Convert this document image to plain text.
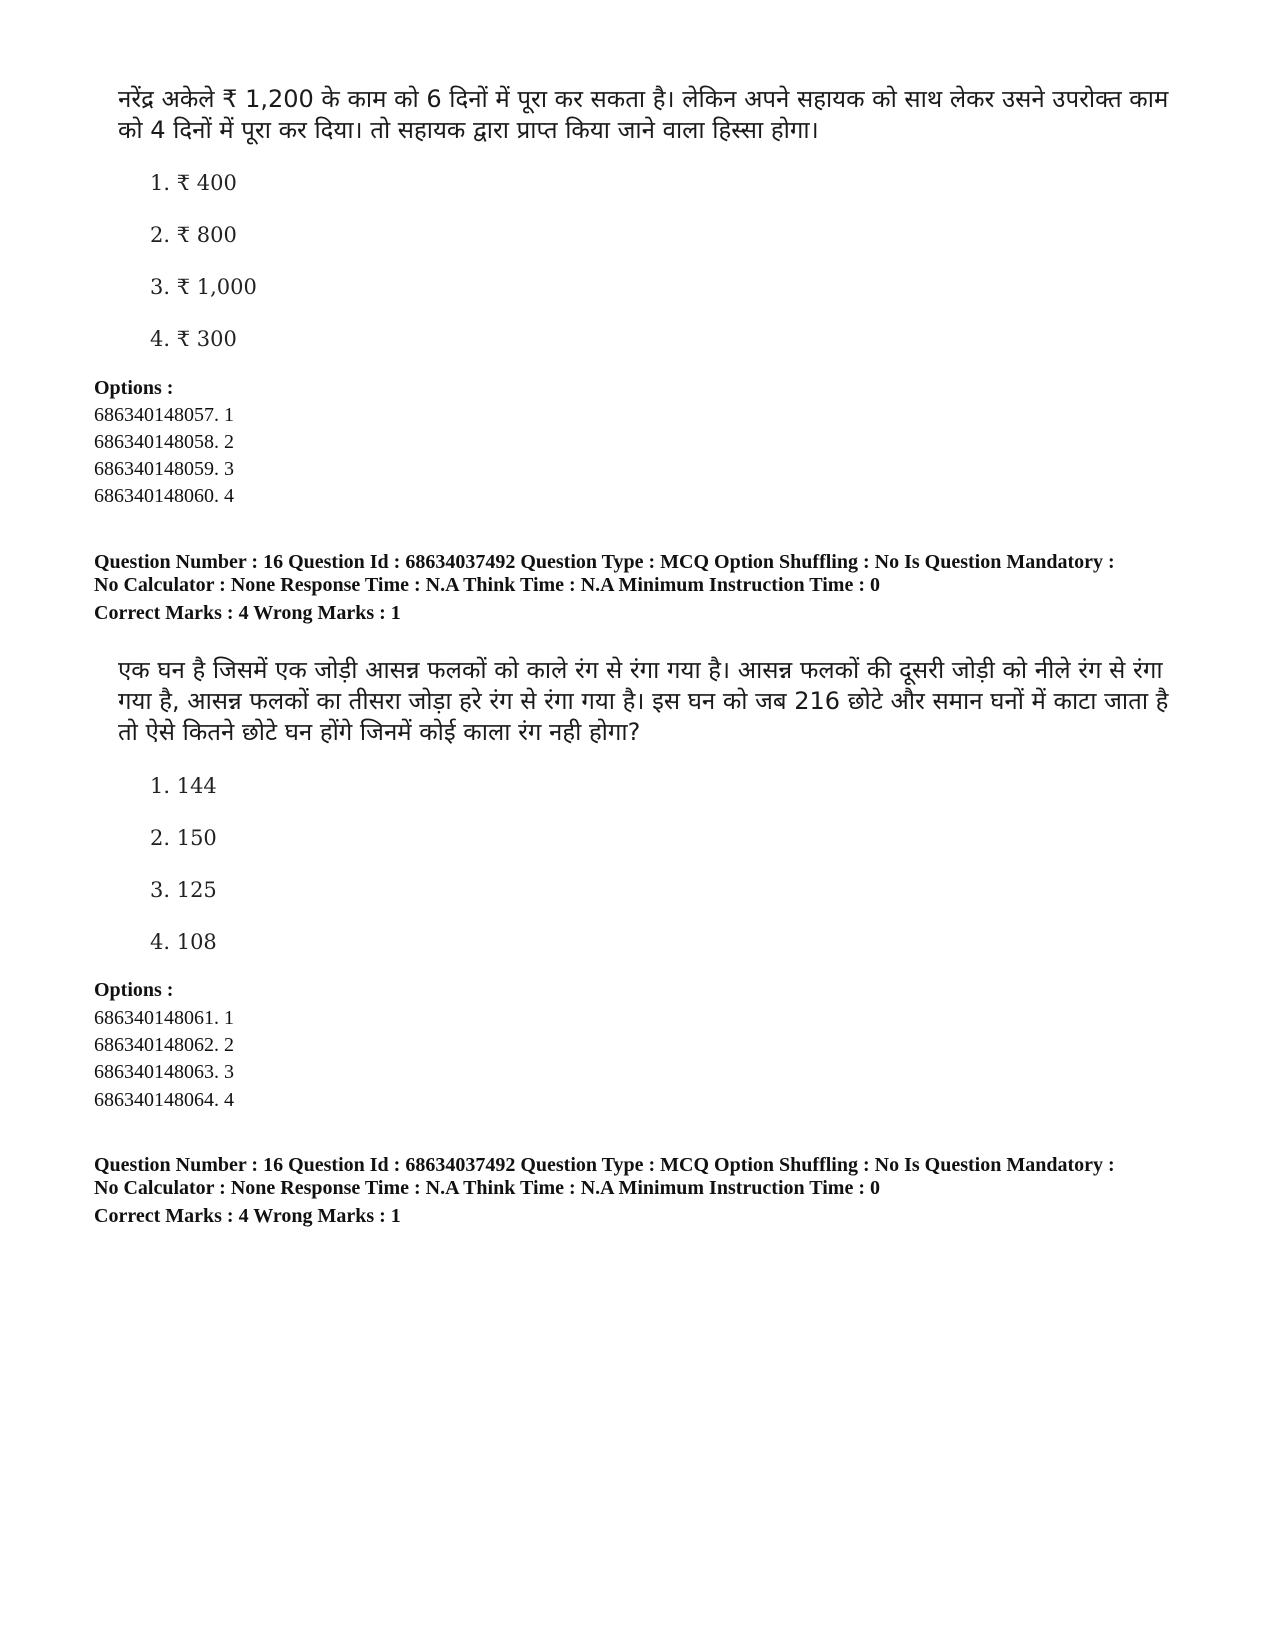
नरेंद्र अकेले ₹ 1,200 के काम को 6 दिनों में पूरा कर सकता है। लेकिन अपने सहायक को साथ लेकर उसने उपरोक्त काम को 4 दिनों में पूरा कर दिया। तो सहायक द्वारा प्राप्त किया जाने वाला हिस्सा होगा।

1. ₹ 400
2. ₹ 800
3. ₹ 1,000
4. ₹ 300
Options :
686340148057. 1
686340148058. 2
686340148059. 3
686340148060. 4
Question Number : 16 Question Id : 68634037492 Question Type : MCQ Option Shuffling : No Is Question Mandatory :
No Calculator : None Response Time : N.A Think Time : N.A Minimum Instruction Time : 0
Correct Marks : 4 Wrong Marks : 1

एक घन है जिसमें एक जोड़ी आसन्न फलकों को काले रंग से रंगा गया है। आसन्न फलकों की दूसरी जोड़ी को नीले रंग से रंगा गया है, आसन्न फलकों का तीसरा जोड़ा हरे रंग से रंगा गया है। इस घन को जब 216 छोटे और समान घनों में काटा जाता है तो ऐसे कितने छोटे घन होंगे जिनमें कोई काला रंग नही होगा?

1. 144
2. 150
3. 125
4. 108
Options :
686340148061. 1
686340148062. 2
686340148063. 3
686340148064. 4
Question Number : 16 Question Id : 68634037492 Question Type : MCQ Option Shuffling : No Is Question Mandatory :
No Calculator : None Response Time : N.A Think Time : N.A Minimum Instruction Time : 0
Correct Marks : 4 Wrong Marks : 1
